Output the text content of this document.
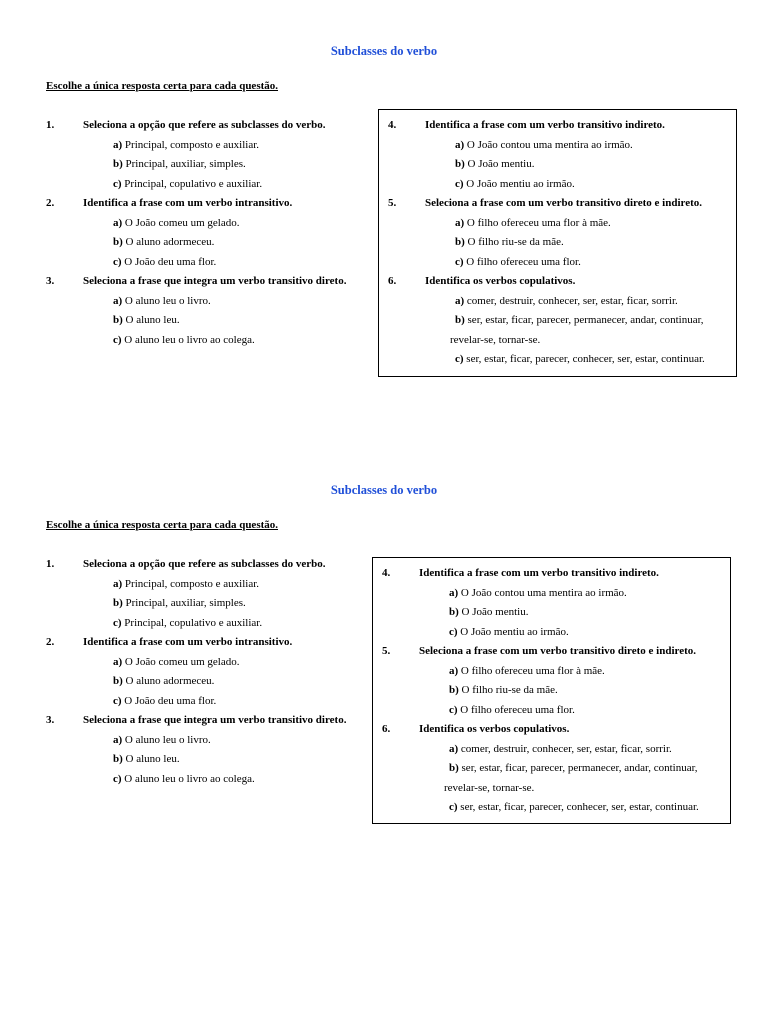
Subclasses do verbo
Escolhe a única resposta certa para cada questão.
1.	Seleciona a opção que refere as subclasses do verbo.
a) Principal, composto e auxiliar.
b) Principal, auxiliar, simples.
c) Principal, copulativo e auxiliar.
2.	Identifica a frase com um verbo intransitivo.
a) O João comeu um gelado.
b) O aluno adormeceu.
c) O João deu uma flor.
3.	Seleciona a frase que integra um verbo transitivo direto.
a) O aluno leu o livro.
b) O aluno leu.
c) O aluno leu o livro ao colega.
4.	Identifica a frase com um verbo transitivo indireto.
a) O João contou uma mentira ao irmão.
b) O João mentiu.
c) O João mentiu ao irmão.
5.	Seleciona a frase com um verbo transitivo direto e indireto.
a) O filho ofereceu uma flor à mãe.
b) O filho riu-se da mãe.
c) O filho ofereceu uma flor.
6.	Identifica os verbos copulativos.
a) comer, destruir, conhecer, ser, estar, ficar, sorrir.
b) ser, estar, ficar, parecer, permanecer, andar, continuar,
revelar-se, tornar-se.
c) ser, estar, ficar, parecer, conhecer, ser, estar, continuar.
Subclasses do verbo
Escolhe a única resposta certa para cada questão.
1.	Seleciona a opção que refere as subclasses do verbo.
a) Principal, composto e auxiliar.
b) Principal, auxiliar, simples.
c) Principal, copulativo e auxiliar.
2.	Identifica a frase com um verbo intransitivo.
a) O João comeu um gelado.
b) O aluno adormeceu.
c) O João deu uma flor.
3.	Seleciona a frase que integra um verbo transitivo direto.
a) O aluno leu o livro.
b) O aluno leu.
c) O aluno leu o livro ao colega.
4.	Identifica a frase com um verbo transitivo indireto.
a) O João contou uma mentira ao irmão.
b) O João mentiu.
c) O João mentiu ao irmão.
5.	Seleciona a frase com um verbo transitivo direto e indireto.
a) O filho ofereceu uma flor à mãe.
b) O filho riu-se da mãe.
c) O filho ofereceu uma flor.
6.	Identifica os verbos copulativos.
a) comer, destruir, conhecer, ser, estar, ficar, sorrir.
b) ser, estar, ficar, parecer, permanecer, andar, continuar,
revelar-se, tornar-se.
c) ser, estar, ficar, parecer, conhecer, ser, estar, continuar.
